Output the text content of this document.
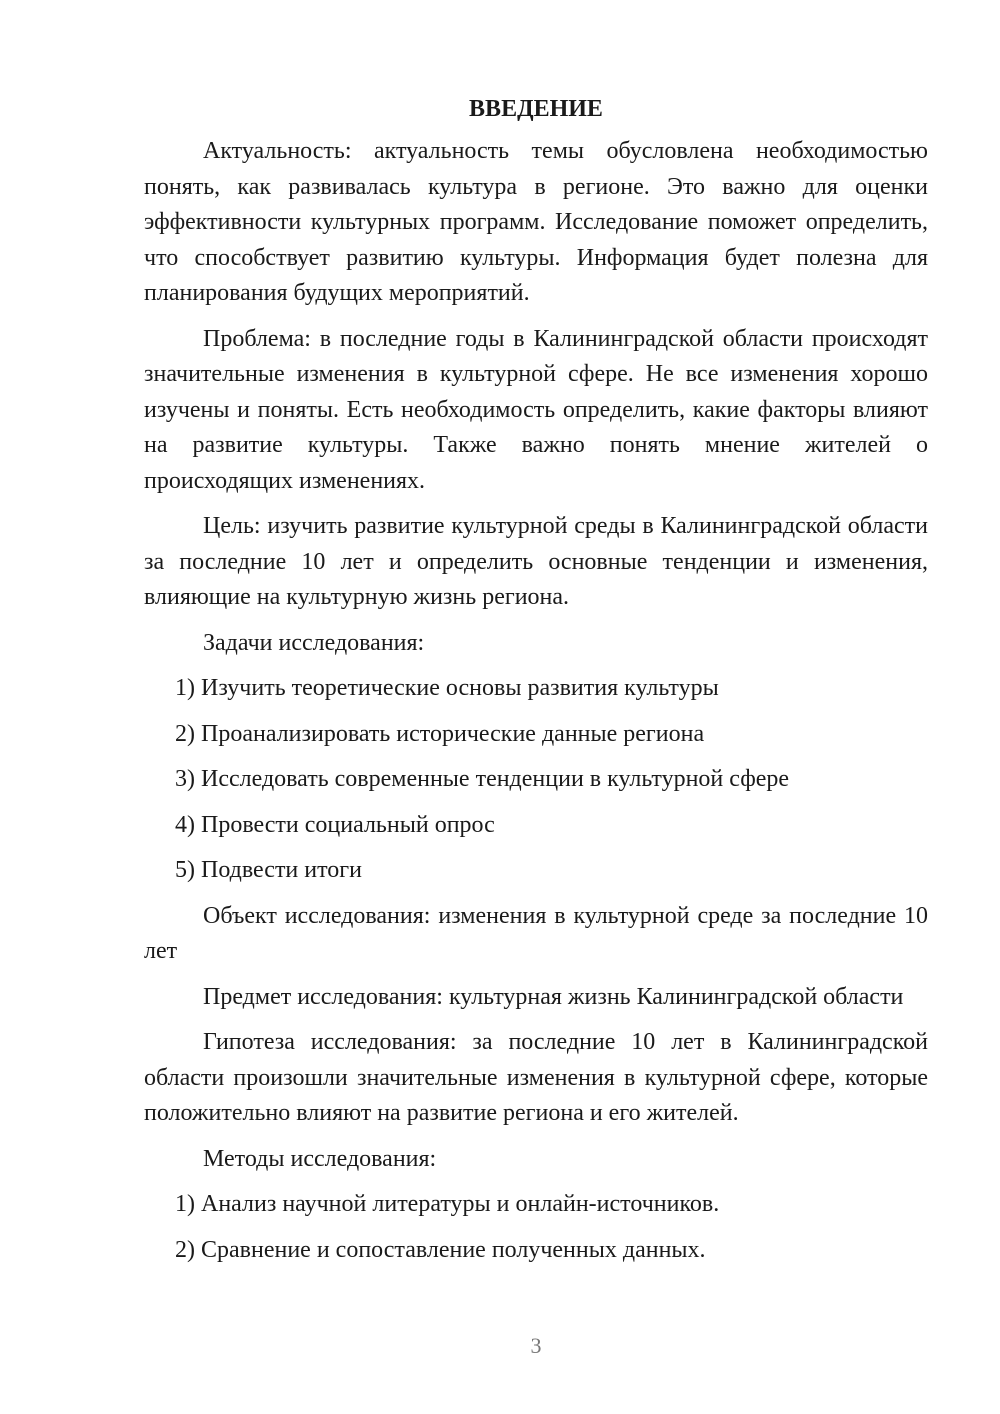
ВВЕДЕНИЕ

Актуальность: актуальность темы обусловлена необходимостью понять, как развивалась культура в регионе. Это важно для оценки эффективности культурных программ. Исследование поможет определить, что способствует развитию культуры. Информация будет полезна для планирования будущих мероприятий.

Проблема: в последние годы в Калининградской области происходят значительные изменения в культурной сфере. Не все изменения хорошо изучены и поняты. Есть необходимость определить, какие факторы влияют на развитие культуры. Также важно понять мнение жителей о происходящих изменениях.

Цель: изучить развитие культурной среды в Калининградской области за последние 10 лет и определить основные тенденции и изменения, влияющие на культурную жизнь региона.

Задачи исследования:

1) Изучить теоретические основы развития культуры
2) Проанализировать исторические данные региона
3) Исследовать современные тенденции в культурной сфере
4) Провести социальный опрос
5) Подвести итоги

Объект исследования: изменения в культурной среде за последние 10 лет

Предмет исследования: культурная жизнь Калининградской области

Гипотеза исследования: за последние 10 лет в Калининградской области произошли значительные изменения в культурной сфере, которые положительно влияют на развитие региона и его жителей.

Методы исследования:

1) Анализ научной литературы и онлайн-источников.
2) Сравнение и сопоставление полученных данных.
3
